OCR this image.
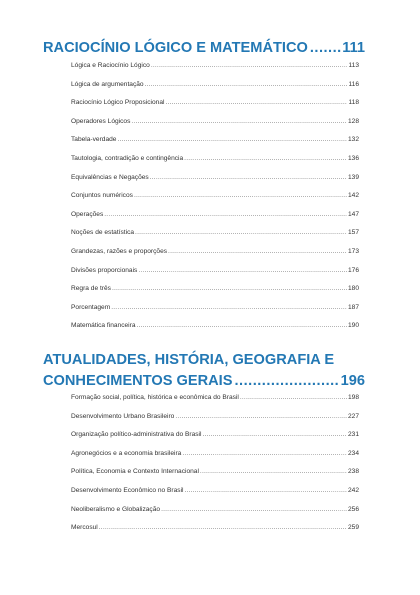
RACIOCÍNIO LÓGICO E MATEMÁTICO ..... 111
Lógica e Raciocínio Lógico .....	113
Lógica de argumentação .....	116
Raciocínio Lógico Proposicional .....	118
Operadores Lógicos .....	128
Tabela-verdade .....	132
Tautologia, contradição e contingência .....	136
Equivalências e Negações .....	139
Conjuntos numéricos .....	142
Operações .....	147
Noções de estatística .....	157
Grandezas, razões e proporções .....	173
Divisões proporcionais .....	176
Regra de três .....	180
Porcentagem .....	187
Matemática financeira .....	190
ATUALIDADES, HISTÓRIA, GEOGRAFIA E
CONHECIMENTOS GERAIS .....	196
Formação social, política, histórica e econômica do Brasil .....	198
Desenvolvimento Urbano Brasileiro .....	227
Organização político-administrativa do Brasil .....	231
Agronegócios e a economia brasileira .....	234
Política, Economia e Contexto Internacional .....	238
Desenvolvimento Econômico no Brasil .....	242
Neoliberalismo e Globalização .....	256
Mercosul .....	259
